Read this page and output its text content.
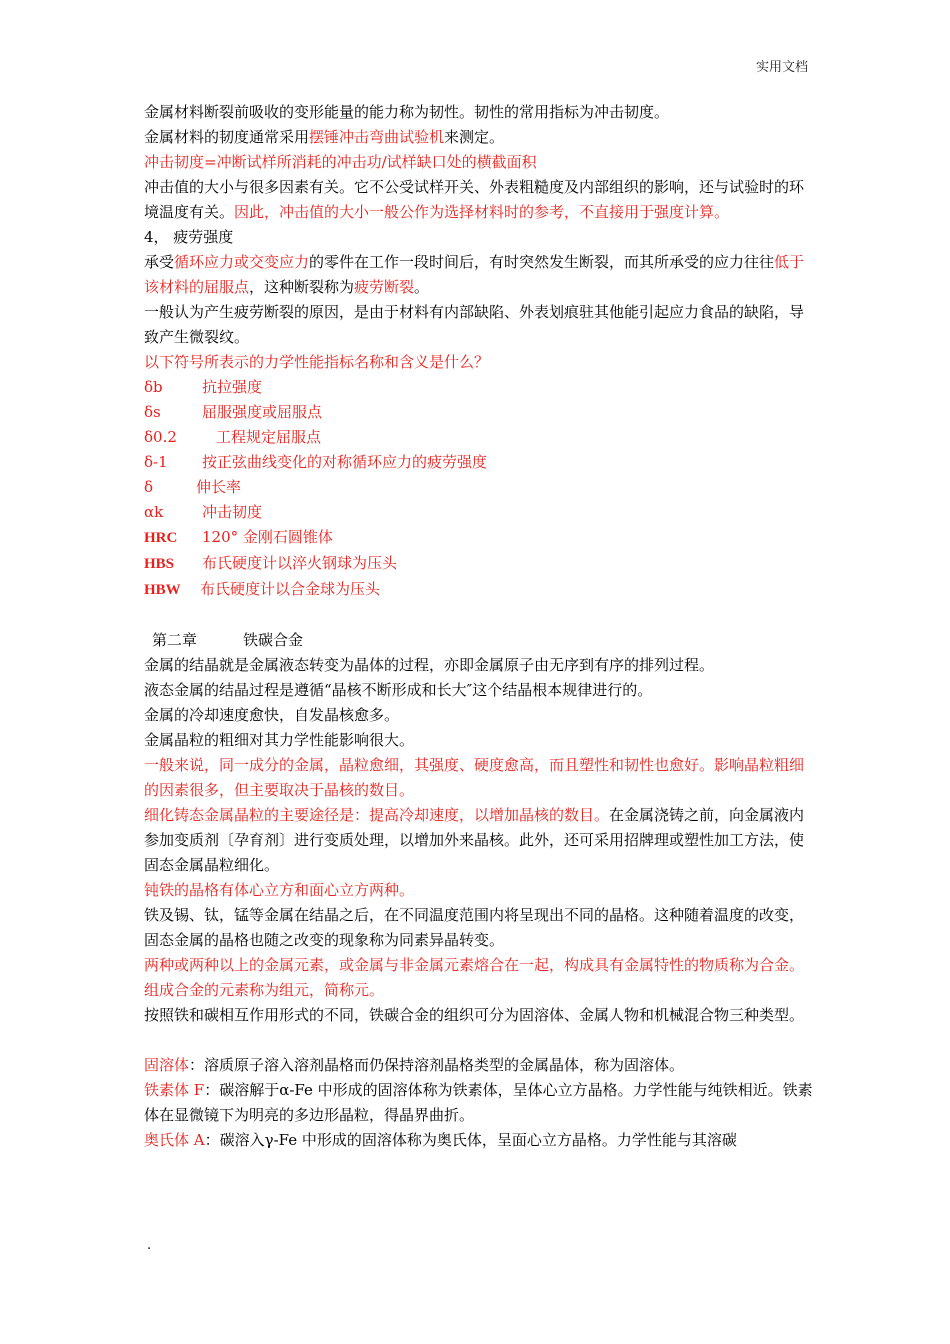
实用文档

金属材料断裂前吸收的变形能量的能力称为韧性。韧性的常用指标为冲击韧度。

金属材料的韧度通常采用摆锤冲击弯曲试验机来测定。

冲击韧度=冲断试样所消耗的冲击功/试样缺口处的横截面积

冲击值的大小与很多因素有关。它不公受试样开关、外表粗糙度及内部组织的影响，还与试验时的环境温度有关。因此，冲击值的大小一般公作为选择材料时的参考，不直接用于强度计算。

4， 疲劳强度

承受循环应力或交变应力的零件在工作一段时间后，有时突然发生断裂，而其所承受的应力往往低于该材料的屈服点，这种断裂称为疲劳断裂。

一般认为产生疲劳断裂的原因，是由于材料有内部缺陷、外表划痕驻其他能引起应力食品的缺陷，导致产生微裂纹。

以下符号所表示的力学性能指标名称和含义是什么？

δb	抗拉强度

δs	屈服强度或屈服点

δ0.2	工程规定屈服点

δ-1	按正弦曲线变化的对称循环应力的疲劳强度

δ	伸长率

αk	冲击韧度

HRC	120° 金刚石圆锥体

HBS	布氏硬度计以淬火钢球为压头

HBW	布氏硬度计以合金球为压头

第二章	铁碳合金

金属的结晶就是金属液态转变为晶体的过程，亦即金属原子由无序到有序的排列过程。

液态金属的结晶过程是遵循“晶核不断形成和长大″这个结晶根本规律进行的。

金属的冷却速度愈快，自发晶核愈多。

金属晶粒的粗细对其力学性能影响很大。

一般来说，同一成分的金属，晶粒愈细，其强度、硬度愈高，而且塑性和韧性也愈好。影响晶粒粗细的因素很多，但主要取决于晶核的数目。

细化铸态金属晶粒的主要途径是：提高冷却速度，以增加晶核的数目。在金属浇铸之前，向金属液内参加变质剂〔孕育剂〕进行变质处理，以增加外来晶核。此外，还可采用招牌理或塑性加工方法，使固态金属晶粒细化。

钝铁的晶格有体心立方和面心立方两种。

铁及锡、钛，锰等金属在结晶之后，在不同温度范围内将呈现出不同的晶格。这种随着温度的改变，固态金属的晶格也随之改变的现象称为同素异晶转变。

两种或两种以上的金属元素，或金属与非金属元素熔合在一起，构成具有金属特性的物质称为合金。组成合金的元素称为组元，简称元。

按照铁和碳相互作用形式的不同，铁碳合金的组织可分为固溶体、金属人物和机械混合物三种类型。

固溶体：溶质原子溶入溶剂晶格而仍保持溶剂晶格类型的金属晶体，称为固溶体。

铁素体 F：碳溶解于α-Fe 中形成的固溶体称为铁素体，呈体心立方晶格。力学性能与纯铁相近。铁素体在显微镜下为明亮的多边形晶粒，得晶界曲折。

奥氏体 A：碳溶入γ-Fe 中形成的固溶体称为奥氏体，呈面心立方晶格。力学性能与其溶碳

.
